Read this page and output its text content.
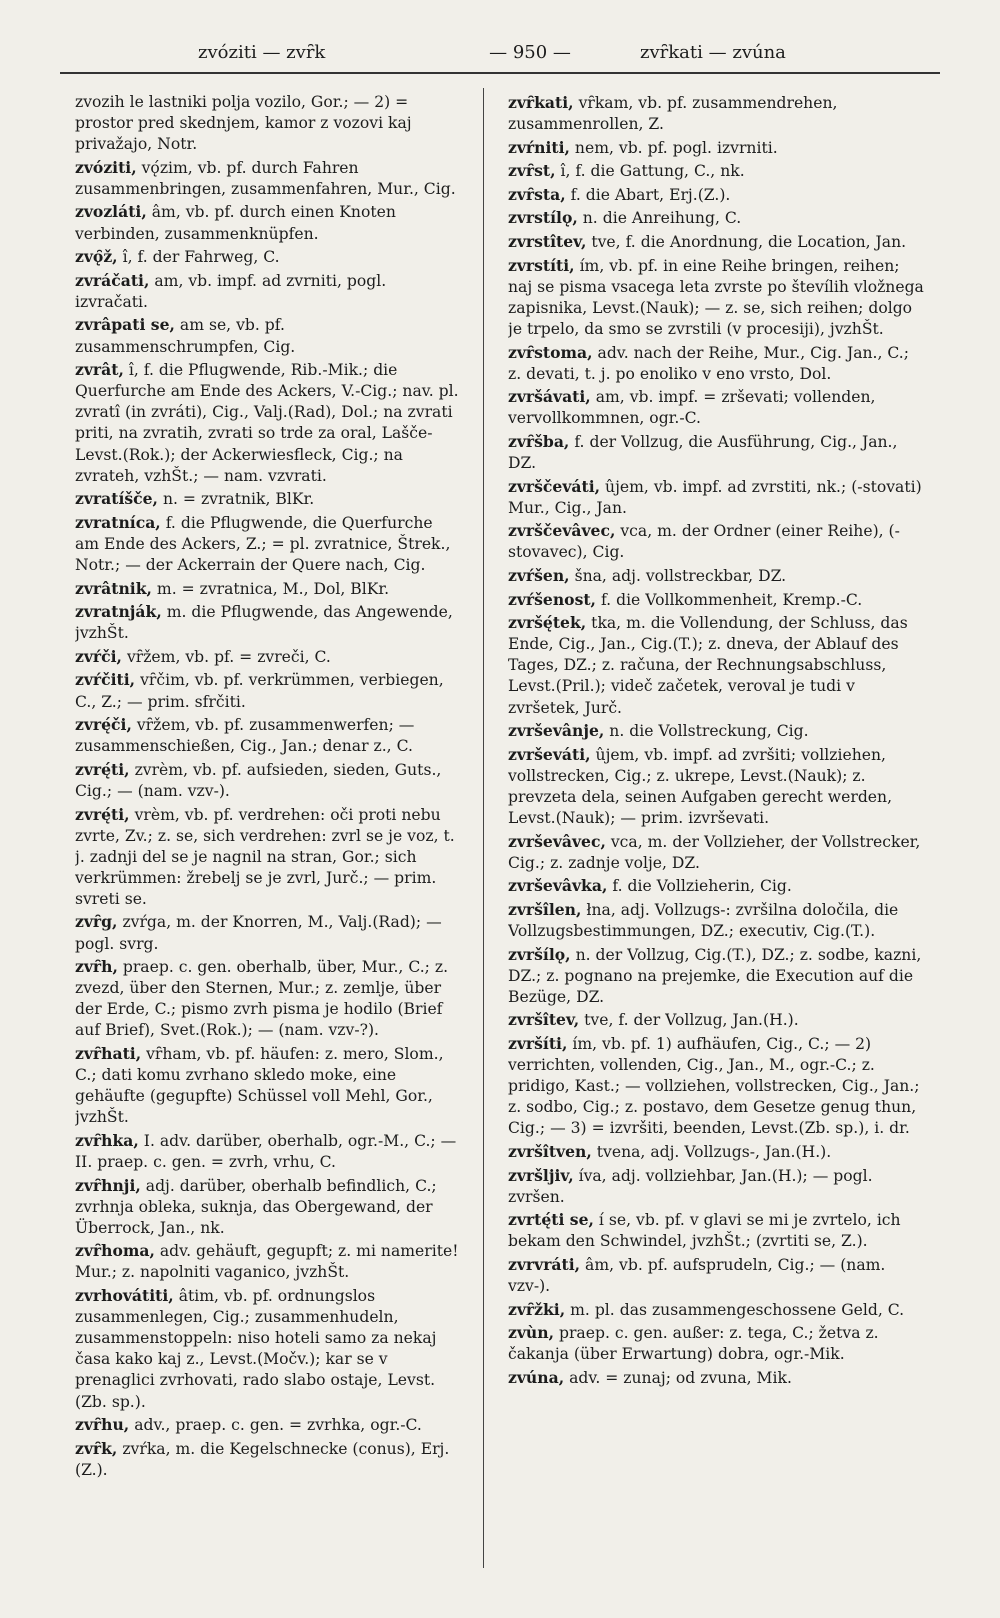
zvóziti — zvȓk	— 950 —	zvȓkati — zvúna

zvozih le lastniki polja vozilo, Gor.; — 2) = prostor pred skednjem, kamor z vozovi kaj privažajo, Notr.

zvóziti, vǫ́zim, vb. pf. durch Fahren zusammenbringen, zusammenfahren, Mur., Cig.

zvozláti, âm, vb. pf. durch einen Knoten verbinden, zusammenknüpfen.

zvǫ̑ž, ı̂, f. der Fahrweg, C.

zvráčati, am, vb. impf. ad zvrniti, pogl. izvračati.

zvrâpati se, am se, vb. pf. zusammenschrumpfen, Cig.

zvrât, ı̂, f. die Pflugwende, Rib.-Mik.; die Querfurche am Ende des Ackers, V.-Cig.; nav. pl. zvratî (in zvráti), Cig., Valj.(Rad), Dol.; na zvrati priti, na zvratih, zvrati so trde za oral, Lašče-Levst.(Rok.); der Ackerwiesfleck, Cig.; na zvrateh, vzhŠt.; — nam. vzvrati.

zvratíšče, n. = zvratnik, BlKr.

zvratníca, f. die Pflugwende, die Querfurche am Ende des Ackers, Z.; = pl. zvratnice, Štrek., Notr.; — der Ackerrain der Quere nach, Cig.

zvrâtnik, m. = zvratnica, M., Dol, BlKr.

zvratnják, m. die Pflugwende, das Angewende, jvzhŠt.

zvŕči, vȓžem, vb. pf. = zvreči, C.

zvŕčiti, vȓčim, vb. pf. verkrümmen, verbiegen, C., Z.; — prim. sfrčiti.

zvrę́či, vȓžem, vb. pf. zusammenwerfen; — zusammenschießen, Cig., Jan.; denar z., C.

zvrę́ti, zvrèm, vb. pf. aufsieden, sieden, Guts., Cig.; — (nam. vzv-).

zvrę́ti, vrèm, vb. pf. verdrehen: oči proti nebu zvrte, Zv.; z. se, sich verdrehen: zvrl se je voz, t. j. zadnji del se je nagnil na stran, Gor.; sich verkrümmen: žrebelj se je zvrl, Jurč.; — prim. svreti se.

zvȓg, zvŕga, m. der Knorren, M., Valj.(Rad); — pogl. svrg.

zvȓh, praep. c. gen. oberhalb, über, Mur., C.; z. zvezd, über den Sternen, Mur.; z. zemlje, über der Erde, C.; pismo zvrh pisma je hodilo (Brief auf Brief), Svet.(Rok.); — (nam. vzv-?).

zvȓhati, vȓham, vb. pf. häufen: z. mero, Slom., C.; dati komu zvrhano skledo moke, eine gehäufte (gegupfte) Schüssel voll Mehl, Gor., jvzhŠt.

zvȓhka, I. adv. darüber, oberhalb, ogr.-M., C.; — II. praep. c. gen. = zvrh, vrhu, C.

zvȓhnji, adj. darüber, oberhalb befindlich, C.; zvrhnja obleka, suknja, das Obergewand, der Überrock, Jan., nk.

zvȓhoma, adv. gehäuft, gegupft; z. mi namerite! Mur.; z. napolniti vaganico, jvzhŠt.

zvrhovátiti, âtim, vb. pf. ordnungslos zusammenlegen, Cig.; zusammenhudeln, zusammenstoppeln: niso hoteli samo za nekaj časa kako kaj z., Levst.(Močv.); kar se v prenaglici zvrhovati, rado slabo ostaje, Levst.(Zb. sp.).

zvȓhu, adv., praep. c. gen. = zvrhka, ogr.-C.

zvȓk, zvŕka, m. die Kegelschnecke (conus), Erj.(Z.).

zvȓkati, vȓkam, vb. pf. zusammendrehen, zusammenrollen, Z.

zvŕniti, nem, vb. pf. pogl. izvrniti.

zvȓst, ı̂, f. die Gattung, C., nk.

zvȓsta, f. die Abart, Erj.(Z.).

zvrstílǫ, n. die Anreihung, C.

zvrstîtev, tve, f. die Anordnung, die Location, Jan.

zvrstíti, ím, vb. pf. in eine Reihe bringen, reihen; naj se pisma vsacega leta zvrste po števílih vložnega zapisnika, Levst.(Nauk); — z. se, sich reihen; dolgo je trpelo, da smo se zvrstili (v procesiji), jvzhŠt.

zvȓstoma, adv. nach der Reihe, Mur., Cig. Jan., C.; z. devati, t. j. po enoliko v eno vrsto, Dol.

zvršávati, am, vb. impf. = zrševati; vollenden, vervollkommnen, ogr.-C.

zvȓšba, f. der Vollzug, die Ausführung, Cig., Jan., DZ.

zvrščeváti, ûjem, vb. impf. ad zvrstiti, nk.; (-stovati) Mur., Cig., Jan.

zvrščevâvec, vca, m. der Ordner (einer Reihe), (-stovavec), Cig.

zvŕšen, šna, adj. vollstreckbar, DZ.

zvŕšenost, f. die Vollkommenheit, Kremp.-C.

zvršę́tek, tka, m. die Vollendung, der Schluss, das Ende, Cig., Jan., Cig.(T.); z. dneva, der Ablauf des Tages, DZ.; z. računa, der Rechnungsabschluss, Levst.(Pril.); videč začetek, veroval je tudi v zvršetek, Jurč.

zvrševânje, n. die Vollstreckung, Cig.

zvrševáti, ûjem, vb. impf. ad zvršiti; vollziehen, vollstrecken, Cig.; z. ukrepe, Levst.(Nauk); z. prevzeta dela, seinen Aufgaben gerecht werden, Levst.(Nauk); — prim. izvrševati.

zvrševâvec, vca, m. der Vollzieher, der Vollstrecker, Cig.; z. zadnje volje, DZ.

zvrševâvka, f. die Vollzieherin, Cig.

zvršîlen, łna, adj. Vollzugs-: zvršilna določila, die Vollzugsbestimmungen, DZ.; executiv, Cig.(T.).

zvršílǫ, n. der Vollzug, Cig.(T.), DZ.; z. sodbe, kazni, DZ.; z. pognano na prejemke, die Execution auf die Bezüge, DZ.

zvršîtev, tve, f. der Vollzug, Jan.(H.).

zvršíti, ím, vb. pf. 1) aufhäufen, Cig., C.; — 2) verrichten, vollenden, Cig., Jan., M., ogr.-C.; z. pridigo, Kast.; — vollziehen, vollstrecken, Cig., Jan.; z. sodbo, Cig.; z. postavo, dem Gesetze genug thun, Cig.; — 3) = izvršiti, beenden, Levst.(Zb. sp.), i. dr.

zvršîtven, tvena, adj. Vollzugs-, Jan.(H.).

zvršljiv, íva, adj. vollziehbar, Jan.(H.); — pogl. zvršen.

zvrtę́ti se, í se, vb. pf. v glavi se mi je zvrtelo, ich bekam den Schwindel, jvzhŠt.; (zvrtiti se, Z.).

zvrvráti, âm, vb. pf. aufsprudeln, Cig.; — (nam. vzv-).

zvȓžki, m. pl. das zusammengeschossene Geld, C.

zvùn, praep. c. gen. außer: z. tega, C.; žetva z. čakanja (über Erwartung) dobra, ogr.-Mik.

zvúna, adv. = zunaj; od zvuna, Mik.
